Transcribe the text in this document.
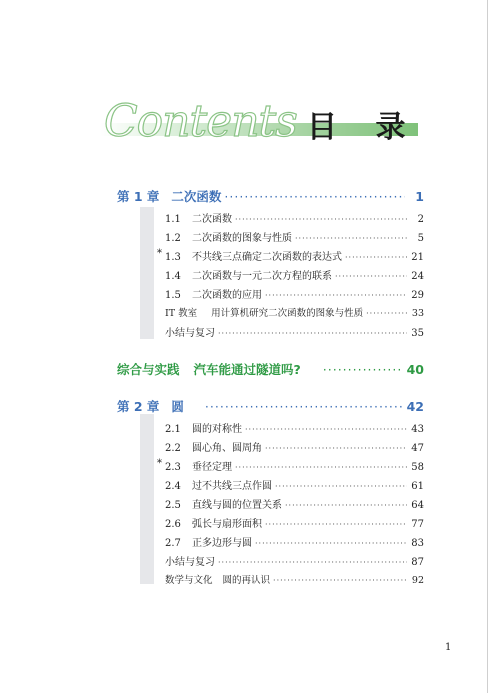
Contents 目 录
第 1 章 二次函数 ·····	1
1.1	二次函数 ·····	2
1.2	二次函数的图象与性质 ·····	5
* 1.3	不共线三点确定二次函数的表达式 ·····	21
1.4	二次函数与一元二次方程的联系 ·····	24
1.5	二次函数的应用 ·····	29
IT 教室 用计算机研究二次函数的图象与性质 ·····	33
小结与复习 ·····	35
综合与实践 汽车能通过隧道吗? ·····	40
第 2 章 圆 ·····	42
2.1	圆的对称性 ·····	43
2.2	圆心角、圆周角 ·····	47
* 2.3	垂径定理 ·····	58
2.4	过不共线三点作圆 ·····	61
2.5	直线与圆的位置关系 ·····	64
2.6	弧长与扇形面积 ·····	77
2.7	正多边形与圆 ·····	83
小结与复习 ·····	87
数学与文化 圆的再认识 ·····	92
1
